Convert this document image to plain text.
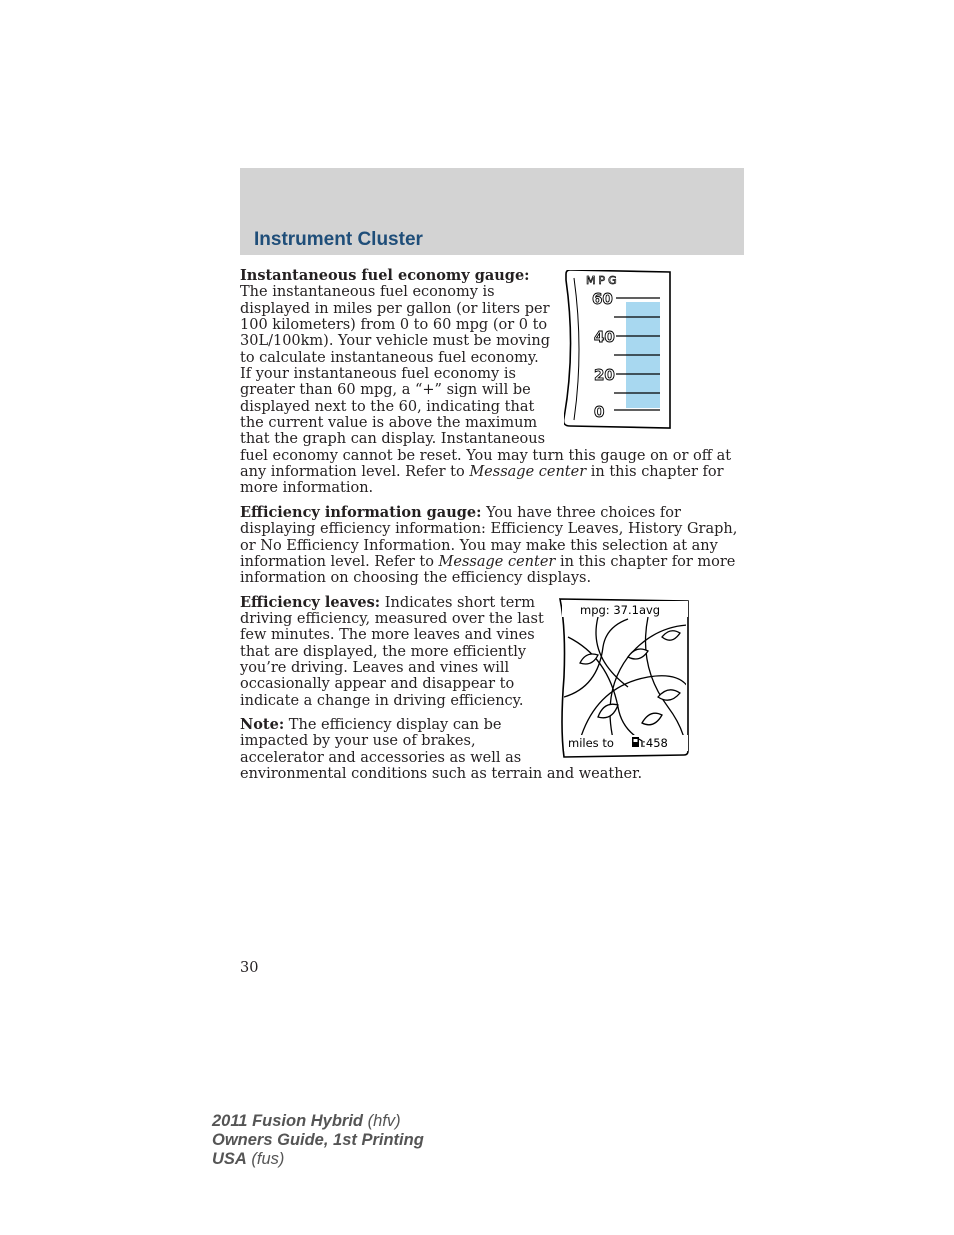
Instrument Cluster
MPG
60
40
20
0

Instantaneous fuel economy gauge: The instantaneous fuel economy is displayed in miles per gallon (or liters per 100 kilometers) from 0 to 60 mpg (or 0 to 30L/100km). Your vehicle must be moving to calculate instantaneous fuel economy. If your instantaneous fuel economy is greater than 60 mpg, a “+” sign will be displayed next to the 60, indicating that the current value is above the maximum that the graph can display. Instantaneous fuel economy cannot be reset. You may turn this gauge on or off at any information level. Refer to Message center in this chapter for more information.

Efficiency information gauge: You have three choices for displaying efficiency information: Efficiency Leaves, History Graph, or No Efficiency Information. You may make this selection at any information level. Refer to Message center in this chapter for more information on choosing the efficiency displays.

mpg: 37.1avg
miles to :458

Efficiency leaves: Indicates short term driving efficiency, measured over the last few minutes. The more leaves and vines that are displayed, the more efficiently you’re driving. Leaves and vines will occasionally appear and disappear to indicate a change in driving efficiency.

Note: The efficiency display can be impacted by your use of brakes, accelerator and accessories as well as environmental conditions such as terrain and weather.

30
2011 Fusion Hybrid (hfv)
Owners Guide, 1st Printing
USA (fus)
